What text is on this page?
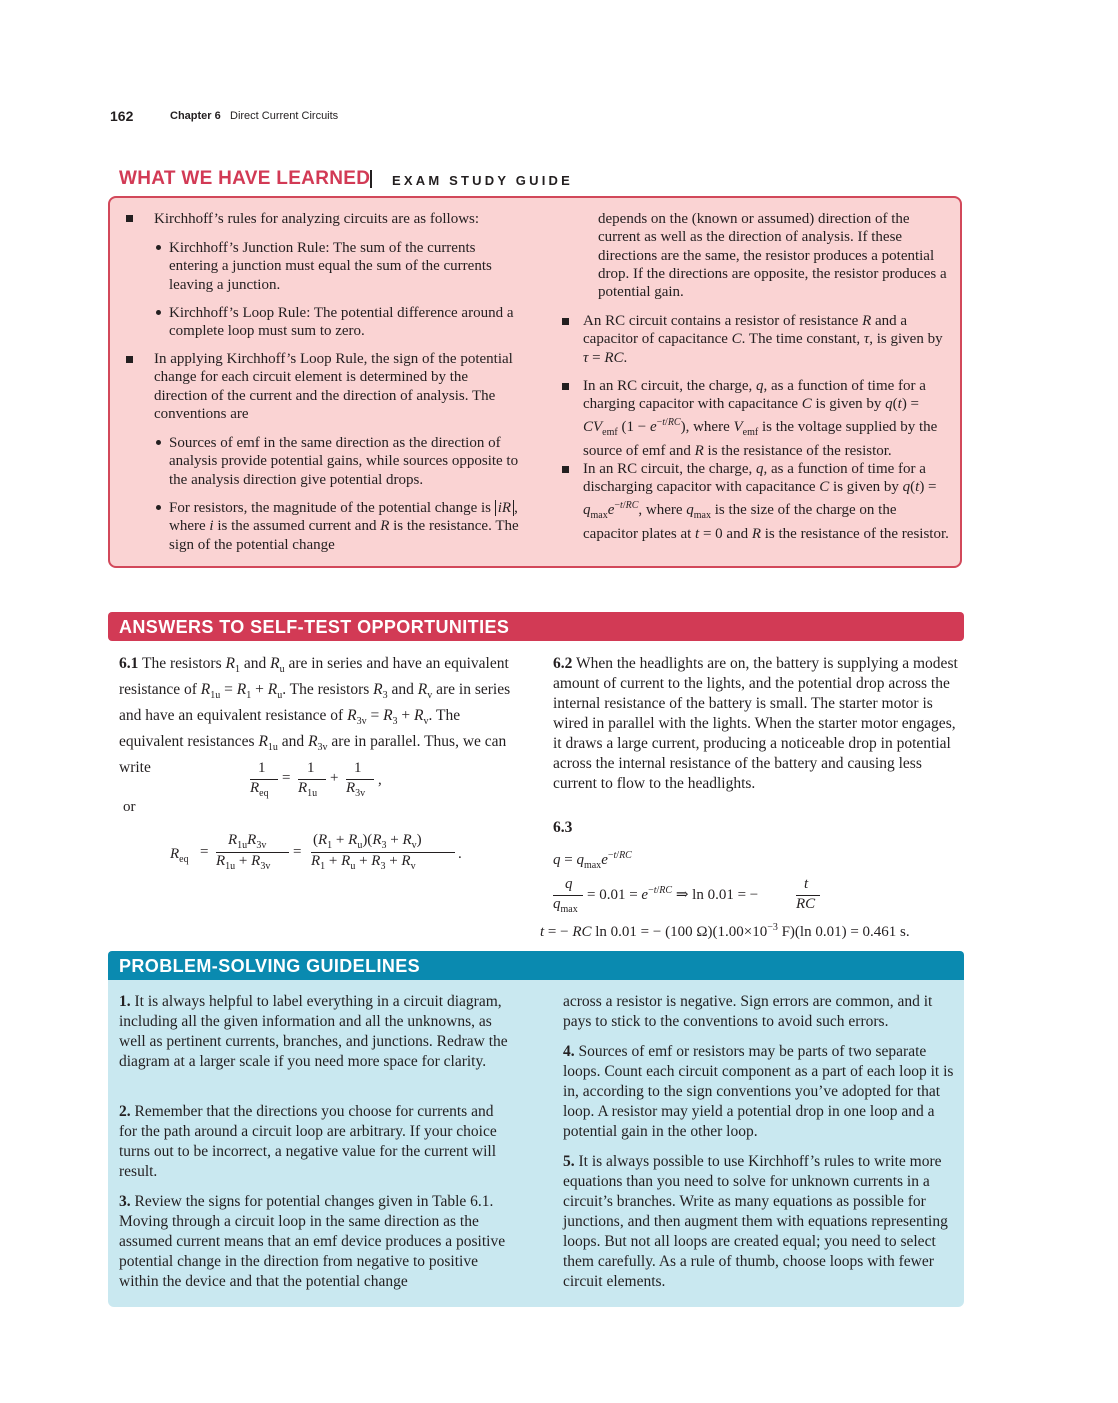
162	Chapter 6 Direct Current Circuits
WHAT WE HAVE LEARNED EXAM STUDY GUIDE
Kirchhoff’s rules for analyzing circuits are as follows:
Kirchhoff’s Junction Rule: The sum of the currents entering a junction must equal the sum of the currents leaving a junction.
Kirchhoff’s Loop Rule: The potential difference around a complete loop must sum to zero.
In applying Kirchhoff’s Loop Rule, the sign of the potential change for each circuit element is determined by the direction of the current and the direction of analysis. The conventions are
Sources of emf in the same direction as the direction of analysis provide potential gains, while sources opposite to the analysis direction give potential drops.
For resistors, the magnitude of the potential change is iR , where i is the assumed current and R is the resistance. The sign of the potential change
depends on the (known or assumed) direction of the current as well as the direction of analysis. If these directions are the same, the resistor produces a potential drop. If the directions are opposite, the resistor produces a potential gain.
An RC circuit contains a resistor of resistance R and a capacitor of capacitance C. The time constant, τ, is given by τ = RC.
In an RC circuit, the charge, q, as a function of time for a charging capacitor with capacitance C is given by $q(t) = CV_{emf}$ $(1 - e^{-t/RC})$, where $V_{emf}$ is the voltage supplied by the source of emf and R is the resistance of the resistor.
In an RC circuit, the charge, q, as a function of time for a discharging capacitor with capacitance C is given by $q(t) = q_{max}e^{-t/RC}$, where $q_{max}$ is the size of the charge on the capacitor plates at t = 0 and R is the resistance of the resistor.
ANSWERS TO SELF-TEST OPPORTUNITIES
6.1 The resistors $R_1$ and $R_u$ are in series and have an equivalent resistance of $R_{1u} = R_1 + R_u$. The resistors $R_3$ and $R_v$ are in series and have an equivalent resistance of $R_{3v} = R_3 + R_v$. The equivalent resistances $R_{1u}$ and $R_{3v}$ are in parallel. Thus, we can write	1
$R_{eq}$
=
1
$R_{1u}$
+
1
$R_{3v}$
,
or
$R_{eq}$ =
$R_{1u}R_{3v}$
$R_{1u} + R_{3v}$
=
$(R_1 + R_u)(R_3 + R_v)$
$R_1 + R_u + R_3 + R_v$
.
6.2 When the headlights are on, the battery is supplying a modest amount of current to the lights, and the potential drop across the internal resistance of the battery is small. The starter motor is wired in parallel with the lights. When the starter motor engages, it draws a large current, producing a noticeable drop in potential across the internal resistance of the battery and causing less current to flow to the headlights.
6.3
$q = q_{max}e^{-t/RC}$
q
$q_{max}$
= $0.01 = e^{-t/RC}$ ⇒ ln 0.01 = −
t
RC
t = − RC ln 0.01 = − (100 $\Omega)(1.00\times 10^{-3}$ F)(ln 0.01) = 0.461 s.
PROBLEM-SOLVING GUIDELINES
1. It is always helpful to label everything in a circuit diagram, including all the given information and all the unknowns, as well as pertinent currents, branches, and junctions. Redraw the diagram at a larger scale if you need more space for clarity.
2. Remember that the directions you choose for currents and for the path around a circuit loop are arbitrary. If your choice turns out to be incorrect, a negative value for the current will result.
3. Review the signs for potential changes given in Table 6.1. Moving through a circuit loop in the same direction as the assumed current means that an emf device produces a positive potential change in the direction from negative to positive within the device and that the potential change
across a resistor is negative. Sign errors are common, and it pays to stick to the conventions to avoid such errors.
4. Sources of emf or resistors may be parts of two separate loops. Count each circuit component as a part of each loop it is in, according to the sign conventions you’ve adopted for that loop. A resistor may yield a potential drop in one loop and a potential gain in the other loop.
5. It is always possible to use Kirchhoff’s rules to write more equations than you need to solve for unknown currents in a circuit’s branches. Write as many equations as possible for junctions, and then augment them with equations representing loops. But not all loops are created equal; you need to select them carefully. As a rule of thumb, choose loops with fewer circuit elements.
